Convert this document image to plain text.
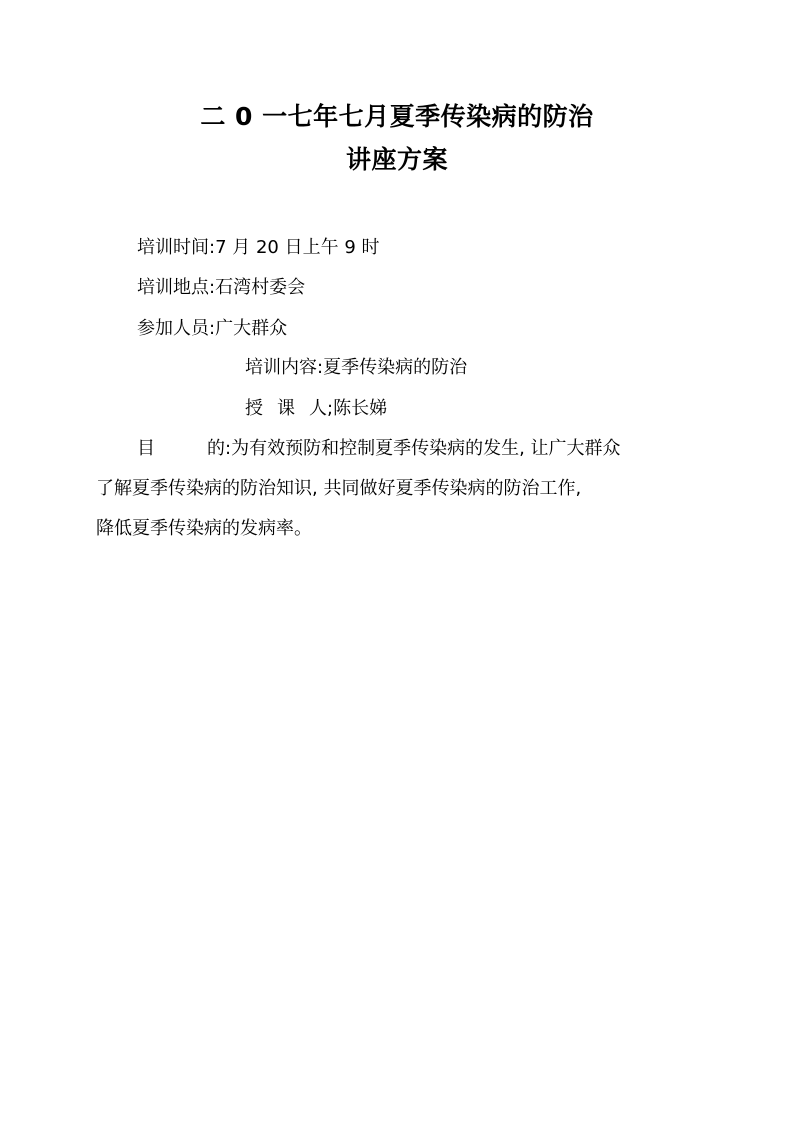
二 0 一七年七月夏季传染病的防治
讲座方案
培训时间:7 月 20 日上午 9 时
培训地点:石湾村委会
参加人员:广大群众
培训内容:夏季传染病的防治
授 课 人;陈长娣
目	的:为有效预防和控制夏季传染病的发生, 让广大群众
了解夏季传染病的防治知识, 共同做好夏季传染病的防治工作,
降低夏季传染病的发病率。
